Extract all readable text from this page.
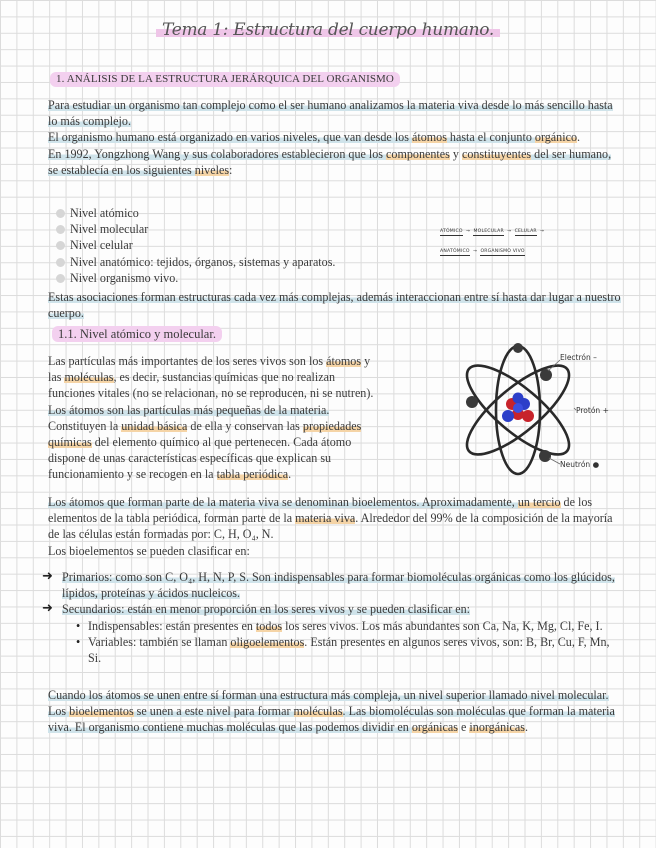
Tema 1: Estructura del cuerpo humano.
1. ANÁLISIS DE LA ESTRUCTURA JERÁRQUICA DEL ORGANISMO
Para estudiar un organismo tan complejo como el ser humano analizamos la materia viva desde lo más sencillo hasta lo más complejo.
El organismo humano está organizado en varios niveles, que van desde los átomos hasta el conjunto orgánico.
En 1992, Yongzhong Wang y sus colaboradores establecieron que los componentes y constituyentes del ser humano, se establecía en los siguientes niveles:
Nivel atómico
Nivel molecular
Nivel celular
Nivel anatómico: tejidos, órganos, sistemas y aparatos.
Nivel organismo vivo.
ATÓMICO → MOLECULAR → CELULAR →
ANATÓMICO → ORGANISMO VIVO
Estas asociaciones forman estructuras cada vez más complejas, además interaccionan entre sí hasta dar lugar a nuestro cuerpo.
1.1. Nivel atómico y molecular.
Las partículas más importantes de los seres vivos son los átomos y
las moléculas, es decir, sustancias químicas que no realizan
funciones vitales (no se relacionan, no se reproducen, ni se nutren).
Los átomos son las partículas más pequeñas de la materia.
Constituyen la unidad básica de ella y conservan las propiedades
químicas del elemento químico al que pertenecen. Cada átomo
dispone de unas características específicas que explican su
funcionamiento y se recogen en la tabla periódica.
Electrón –
Protón +
Neutrón ●
Los átomos que forman parte de la materia viva se denominan bioelementos. Aproximadamente, un tercio de los elementos de la tabla periódica, forman parte de la materia viva. Alrededor del 99% de la composición de la mayoría de las células están formadas por: C, H, O₄, N.
Los bioelementos se pueden clasificar en:
➜ Primarios: como son C, O₄, H, N, P, S. Son indispensables para formar biomoléculas orgánicas como los glúcidos, lípidos, proteínas y ácidos nucleicos.
➜ Secundarios: están en menor proporción en los seres vivos y se pueden clasificar en:
• Indispensables: están presentes en todos los seres vivos. Los más abundantes son Ca, Na, K, Mg, Cl, Fe, I.
• Variables: también se llaman oligoelementos. Están presentes en algunos seres vivos, son: B, Br, Cu, F, Mn, Si.
Cuando los átomos se unen entre sí forman una estructura más compleja, un nivel superior llamado nivel molecular. Los bioelementos se unen a este nivel para formar moléculas. Las biomoléculas son moléculas que forman la materia viva. El organismo contiene muchas moléculas que las podemos dividir en orgánicas e inorgánicas.
